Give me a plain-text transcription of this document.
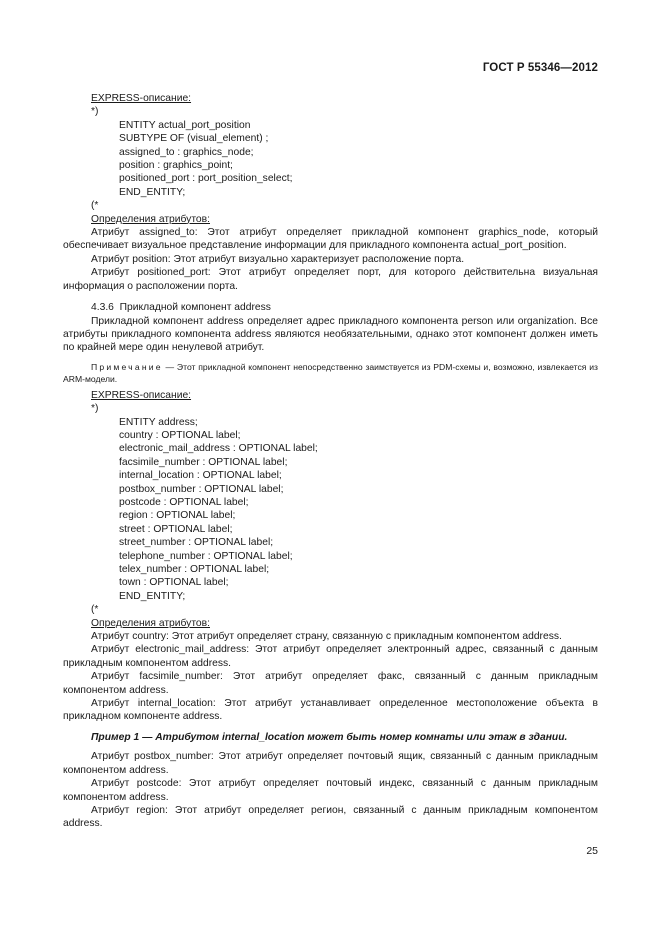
ГОСТ Р 55346—2012

EXPRESS-описание:

*)

ENTITY actual_port_position

SUBTYPE OF (visual_element) ;

assigned_to : graphics_node;

position : graphics_point;

positioned_port : port_position_select;

END_ENTITY;

(*

Определения атрибутов:

Атрибут assigned_to: Этот атрибут определяет прикладной компонент graphics_node, который обеспечивает визуальное представление информации для прикладного компонента actual_port_position.

Атрибут position: Этот атрибут визуально характеризует расположение порта.

Атрибут positioned_port: Этот атрибут определяет порт, для которого действительна визуальная информация о расположении порта.

4.3.6  Прикладной компонент address

Прикладной компонент address определяет адрес прикладного компонента person или organization. Все атрибуты прикладного компонента address являются необязательными, однако этот компонент должен иметь по крайней мере один ненулевой атрибут.

Примечание — Этот прикладной компонент непосредственно заимствуется из PDM-схемы и, возможно, извлекается из ARM-модели.

EXPRESS-описание:

*)

ENTITY address;

country : OPTIONAL label;

electronic_mail_address : OPTIONAL label;

facsimile_number : OPTIONAL label;

internal_location : OPTIONAL label;

postbox_number : OPTIONAL label;

postcode : OPTIONAL label;

region : OPTIONAL label;

street : OPTIONAL label;

street_number : OPTIONAL label;

telephone_number : OPTIONAL label;

telex_number : OPTIONAL label;

town : OPTIONAL label;

END_ENTITY;

(*

Определения атрибутов:

Атрибут country: Этот атрибут определяет страну, связанную с прикладным компонентом address.

Атрибут electronic_mail_address: Этот атрибут определяет электронный адрес, связанный с данным прикладным компонентом address.

Атрибут facsimile_number: Этот атрибут определяет факс, связанный с данным прикладным компонентом address.

Атрибут internal_location: Этот атрибут устанавливает определенное местоположение объекта в прикладном компоненте address.

Пример 1 — Атрибутом internal_location может быть номер комнаты или этаж в здании.

Атрибут postbox_number: Этот атрибут определяет почтовый ящик, связанный с данным прикладным компонентом address.

Атрибут postcode: Этот атрибут определяет почтовый индекс, связанный с данным прикладным компонентом address.

Атрибут region: Этот атрибут определяет регион, связанный с данным прикладным компонентом address.

25
